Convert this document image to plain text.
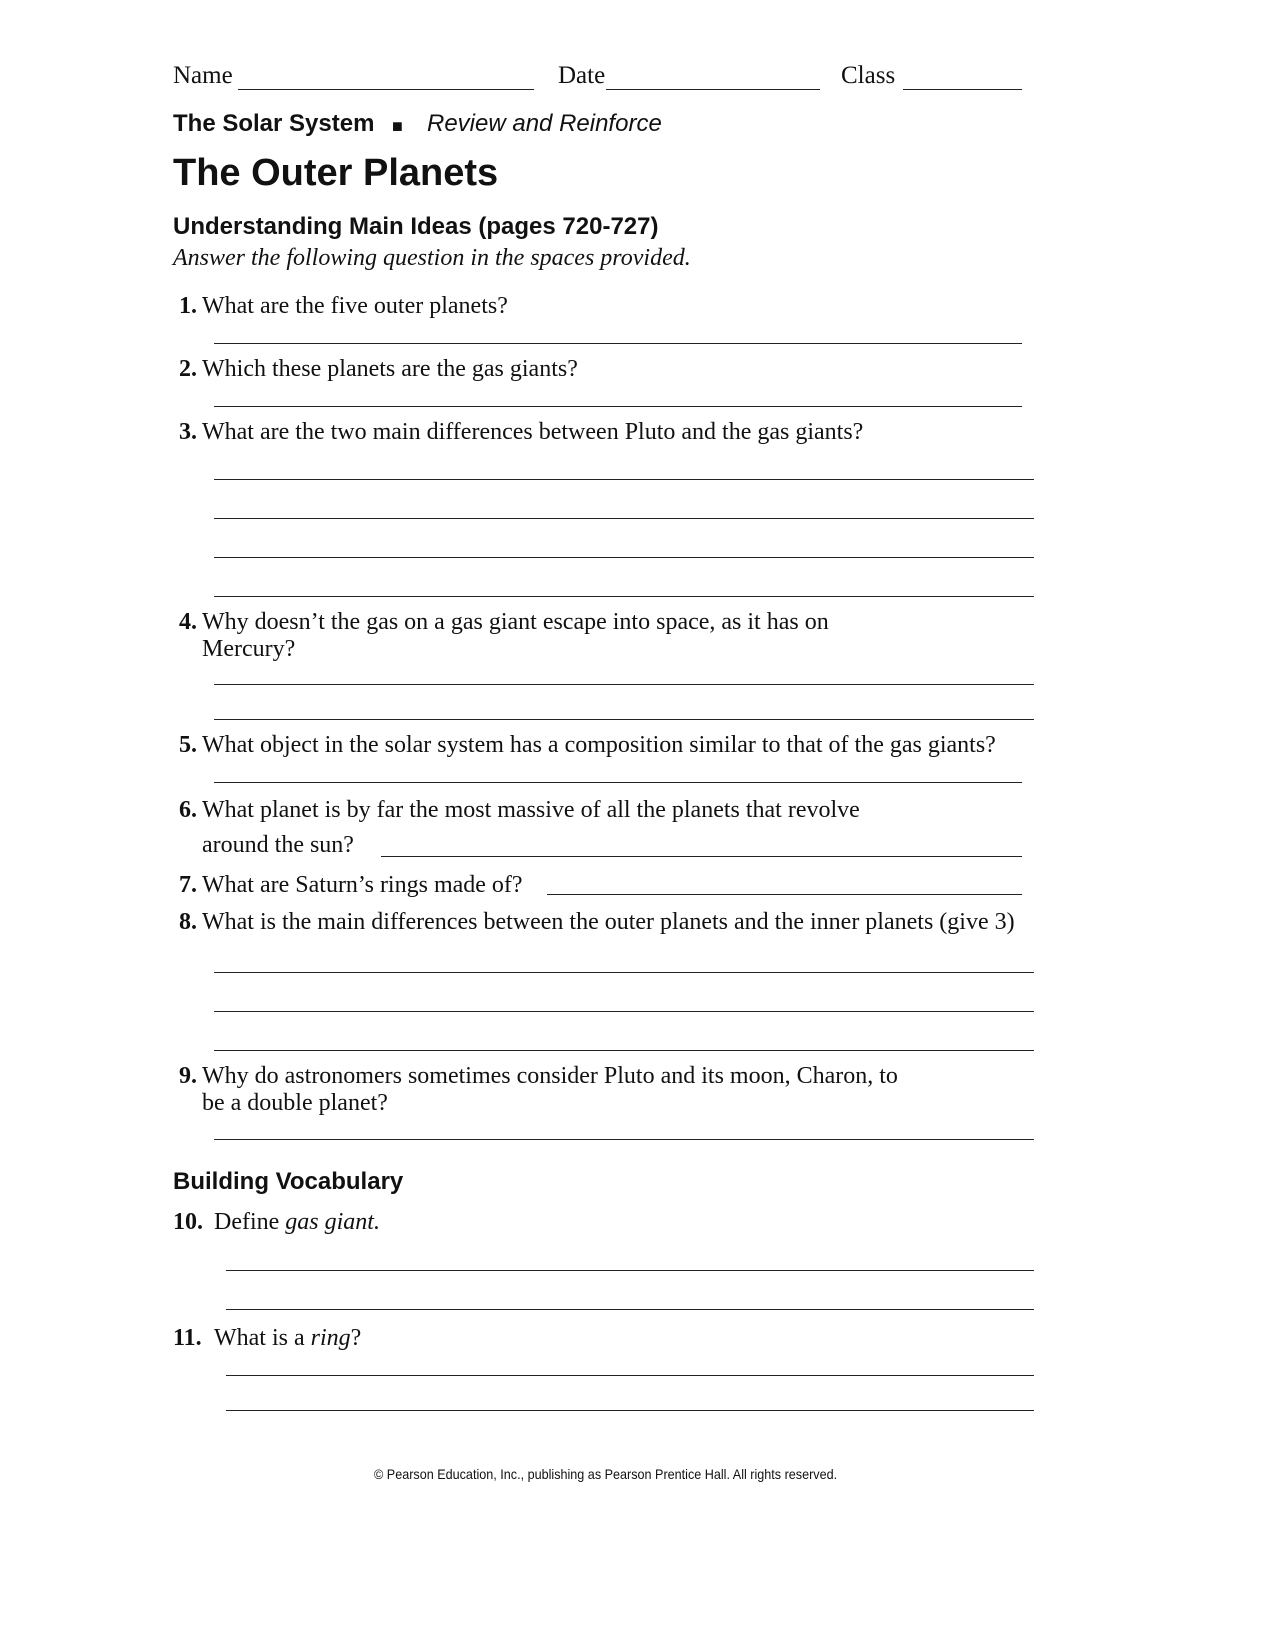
Name	Date	Class
The Solar System ■ Review and Reinforce
The Outer Planets
Understanding Main Ideas (pages 720-727)
Answer the following question in the spaces provided.
1. What are the five outer planets?
2. Which these planets are the gas giants?
3. What are the two main differences between Pluto and the gas giants?
4. Why doesn’t the gas on a gas giant escape into space, as it has on
Mercury?
5. What object in the solar system has a composition similar to that of the gas giants?
6. What planet is by far the most massive of all the planets that revolve
around the sun?
7. What are Saturn’s rings made of?
8. What is the main differences between the outer planets and the inner planets (give 3)
9. Why do astronomers sometimes consider Pluto and its moon, Charon, to
be a double planet?
Building Vocabulary
10. Define gas giant.
11. What is a ring?
© Pearson Education, Inc., publishing as Pearson Prentice Hall. All rights reserved.
